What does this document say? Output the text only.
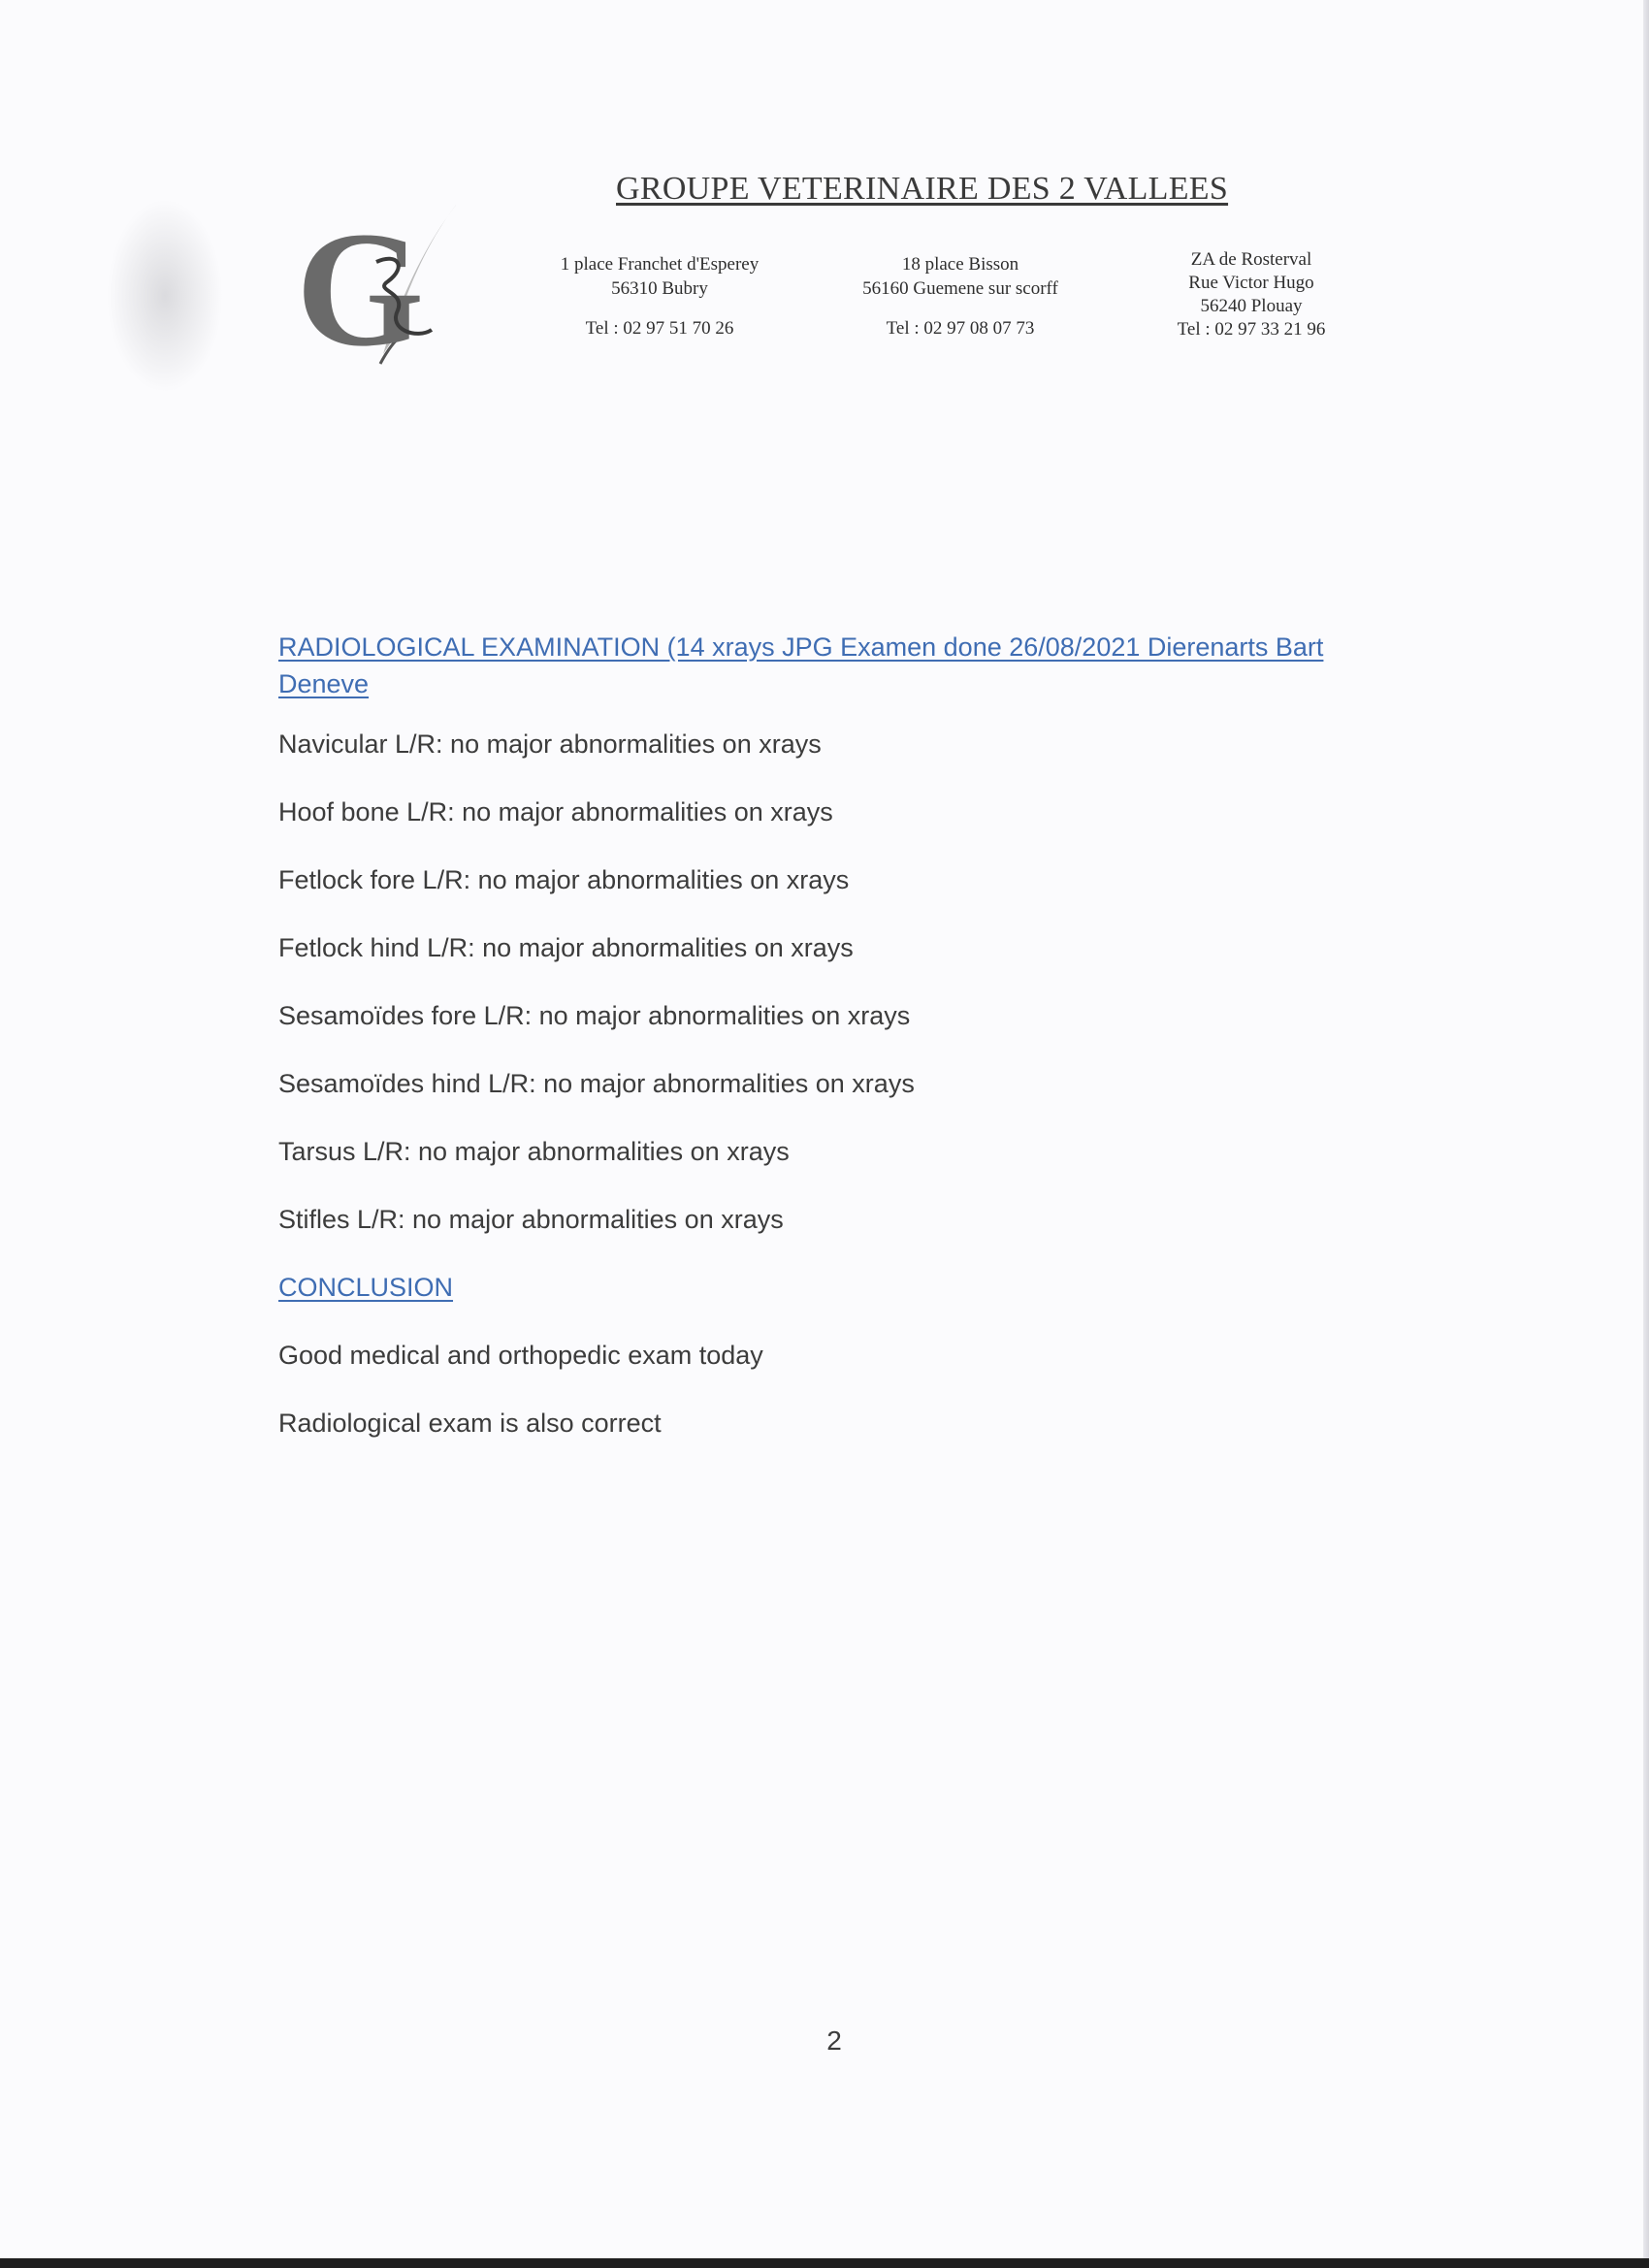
G
GROUPE VETERINAIRE DES 2 VALLEES
1 place Franchet d'Esperey
56310 Bubry
Tel : 02 97 51 70 26
18 place Bisson
56160 Guemene sur scorff
Tel : 02 97 08 07 73
ZA de Rosterval
Rue Victor Hugo
56240 Plouay
Tel : 02 97 33 21 96

RADIOLOGICAL EXAMINATION (14 xrays JPG Examen done 26/08/2021 Dierenarts Bart Deneve

Navicular L/R: no major abnormalities on xrays

Hoof bone L/R: no major abnormalities on xrays

Fetlock fore L/R: no major abnormalities on xrays

Fetlock hind L/R: no major abnormalities on xrays

Sesamoïdes fore L/R: no major abnormalities on xrays

Sesamoïdes hind L/R: no major abnormalities on xrays

Tarsus L/R: no major abnormalities on xrays

Stifles L/R: no major abnormalities on xrays

CONCLUSION

Good medical and orthopedic exam today

Radiological exam is also correct

2
